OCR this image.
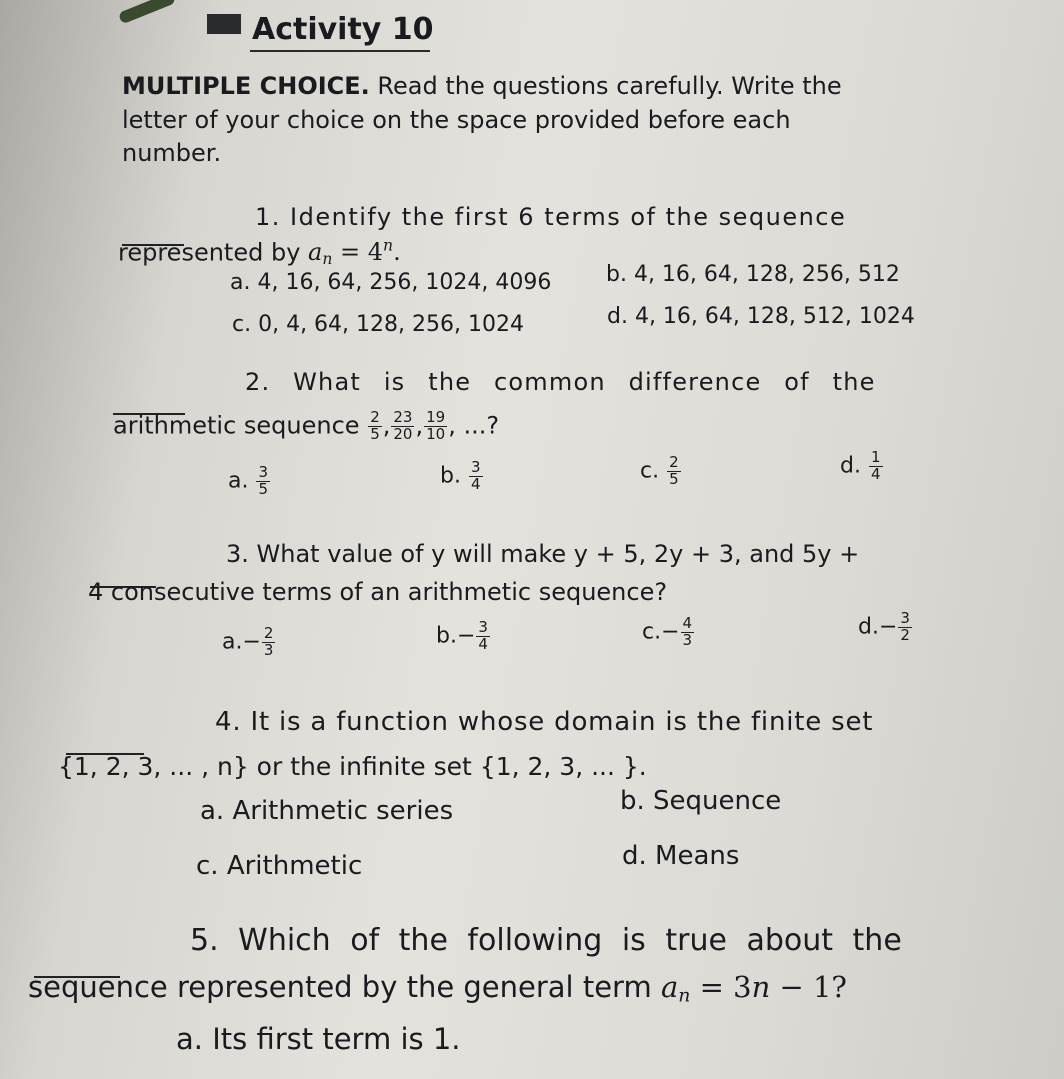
Activity 10
MULTIPLE CHOICE. Read the questions carefully. Write the
letter of your choice on the space provided before each
number.
1. Identify the first 6 terms of the sequence
represented by $a_n = 4^n$.
a. 4, 16, 64, 256, 1024, 4096 b. 4, 16, 64, 128, 256, 512
c. 0, 4, 64, 128, 256, 1024	d. 4, 16, 64, 128, 512, 1024
2. What is the common difference of the
arithmetic sequence $\frac{2}{5}$ , $\frac{23}{20}$ , $\frac{19}{10}$ , ...?
a. $\frac{3}{5}$	b. $\frac{3}{4}$	c. $\frac{2}{5}$	d. $\frac{1}{4}$
3. What value of y will make y + 5, 2y + 3, and 5y +
4 consecutive terms of an arithmetic sequence?
$a.- \frac{2}{3}$	$b.- \frac{3}{4}$	$c.- \frac{4}{3}$	$d.- \frac{3}{2}$
4. It is a function whose domain is the finite set
{1, 2, 3, ... , n} or the infinite set {1, 2, 3, ... }.
a. Arithmetic series	b. Sequence
c. Arithmetic	d. Means
5. Which of the following is true about the
sequence represented by the general term $a_n = 3n - 1$?
a. Its first term is 1.
